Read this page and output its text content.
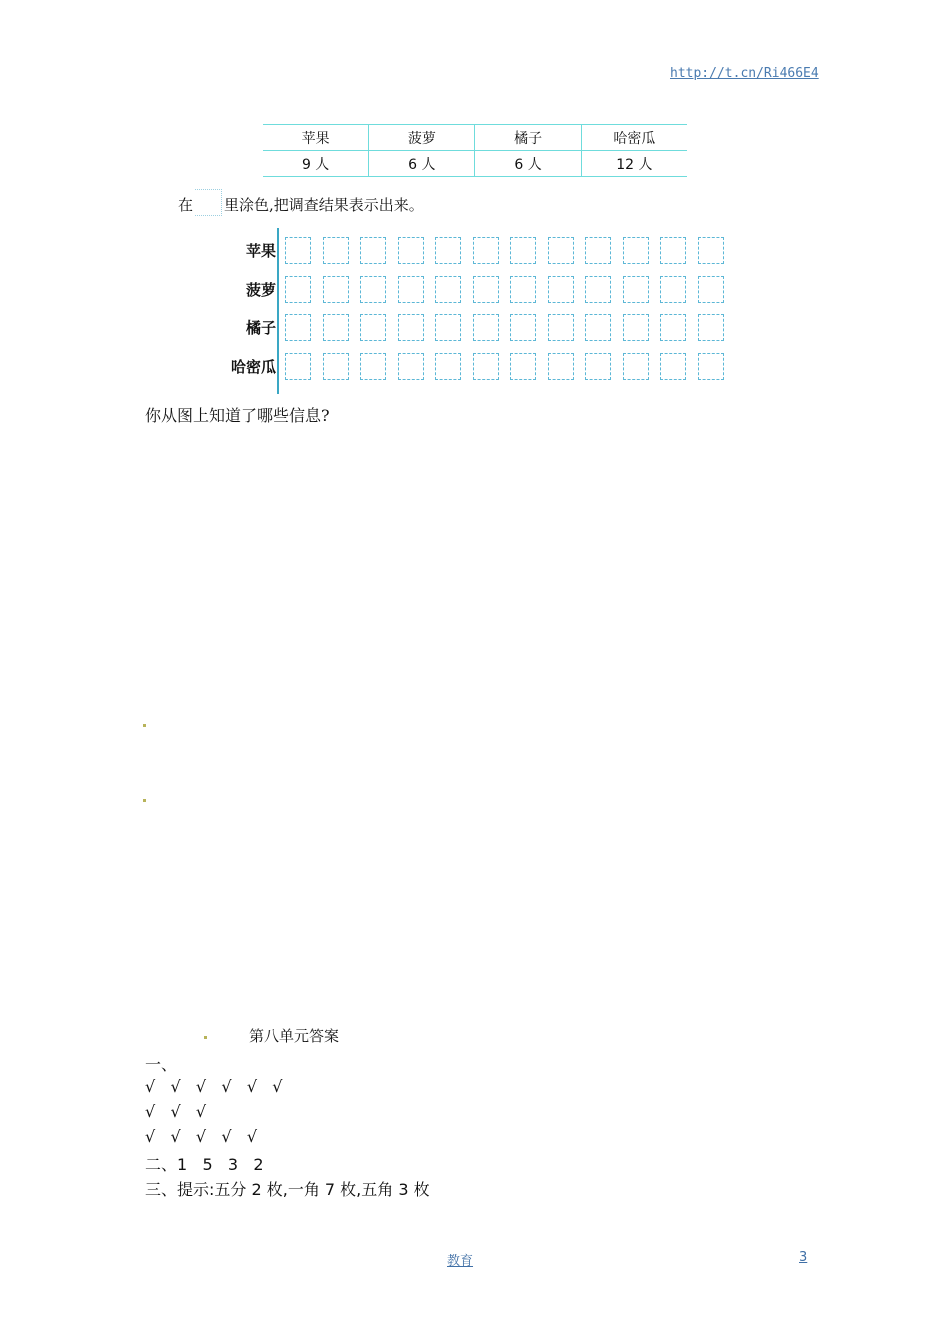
http://t.cn/Ri466E4
苹果	菠萝	橘子	哈密瓜
9 人	6 人	6 人	12 人
在 里涂色,把调查结果表示出来。
苹果
菠萝
橘子
哈密瓜
你从图上知道了哪些信息?
第八单元答案
一、
√   √   √   √   √   √
√   √   √
√   √   √   √   √
二、1   5   3   2
三、提示:五分 2 枚,一角 7 枚,五角 3 枚
教育	3
